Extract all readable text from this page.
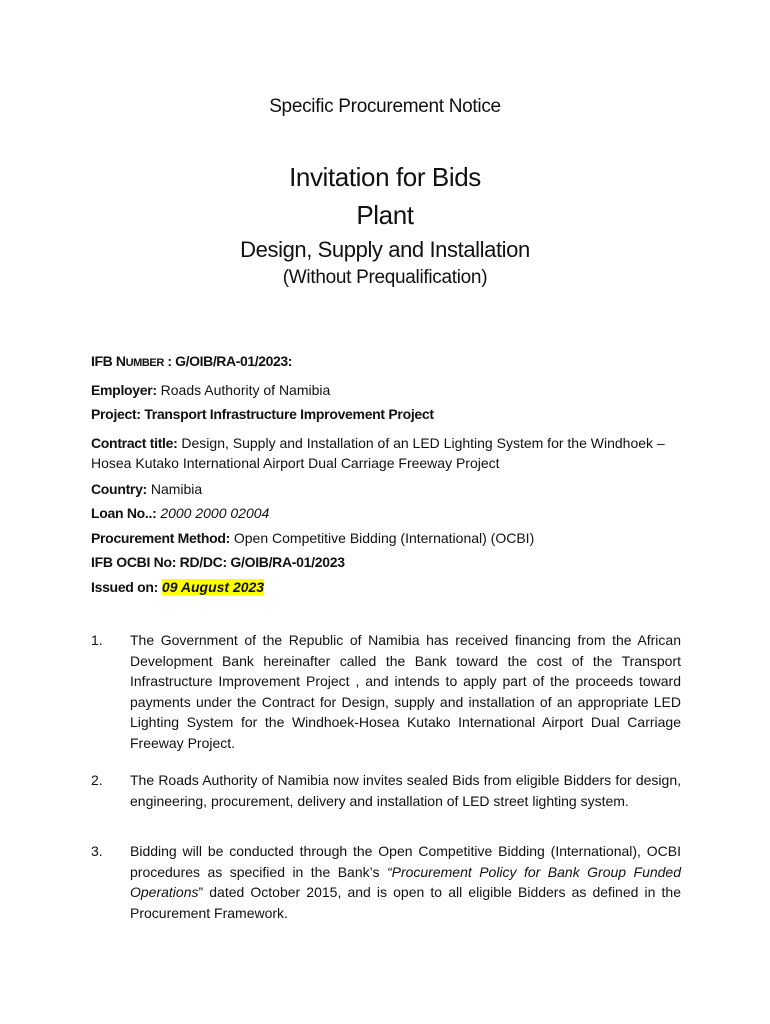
Specific Procurement Notice

Invitation for Bids

Plant

Design, Supply and Installation

(Without Prequalification)

IFB NUMBER : G/OIB/RA-01/2023:

Employer: Roads Authority of Namibia

Project: Transport Infrastructure Improvement Project

Contract title: Design, Supply and Installation of an LED Lighting System for the Windhoek – Hosea Kutako International Airport Dual Carriage Freeway Project

Country: Namibia

Loan No..: 2000 2000 02004

Procurement Method: Open Competitive Bidding (International) (OCBI)

IFB OCBI No: RD/DC: G/OIB/RA-01/2023

Issued on: 09 August 2023

1.	The Government of the Republic of Namibia has received financing from the African Development Bank hereinafter called the Bank toward the cost of the Transport Infrastructure Improvement Project , and intends to apply part of the proceeds toward payments under the Contract for Design, supply and installation of an appropriate LED Lighting System for the Windhoek-Hosea Kutako International Airport Dual Carriage Freeway Project.
2.	The Roads Authority of Namibia now invites sealed Bids from eligible Bidders for design, engineering, procurement, delivery and installation of LED street lighting system.
3.	Bidding will be conducted through the Open Competitive Bidding (International), OCBI procedures as specified in the Bank’s “Procurement Policy for Bank Group Funded Operations” dated October 2015, and is open to all eligible Bidders as defined in the Procurement Framework.
